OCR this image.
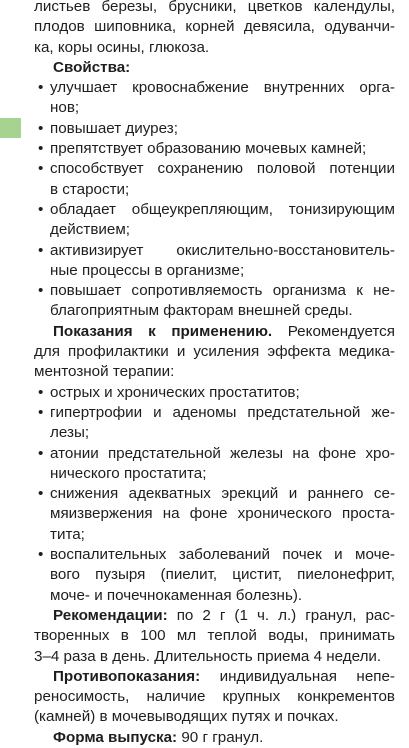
листьев березы, брусники, цветков календулы,
плодов шиповника, корней девясила, одуванчи-
ка, коры осины, глюкоза.
Свойства:
• улучшает кровоснабжение внутренних орга-
нов;
• повышает диурез;
• препятствует образованию мочевых камней;
• способствует сохранению половой потенции
в старости;
• обладает общеукрепляющим, тонизирующим
действием;
• активизирует окислительно-восстановитель-
ные процессы в организме;
• повышает сопротивляемость организма к не-
благоприятным факторам внешней среды.
Показания к применению. Рекомендуется
для профилактики и усиления эффекта медика-
ментозной терапии:
• острых и хронических простатитов;
• гипертрофии и аденомы предстательной же-
лезы;
• атонии предстательной железы на фоне хро-
нического простатита;
• снижения адекватных эрекций и раннего се-
мяизвержения на фоне хронического проста-
тита;
• воспалительных заболеваний почек и моче-
вого пузыря (пиелит, цистит, пиелонефрит,
моче- и почечнокаменная болезнь).
Рекомендации: по 2 г (1 ч. л.) гранул, рас-
творенных в 100 мл теплой воды, принимать
3–4 раза в день. Длительность приема 4 недели.
Противопоказания: индивидуальная непе-
реносимость, наличие крупных конкрементов
(камней) в мочевыводящих путях и почках.
Форма выпуска: 90 г гранул.
